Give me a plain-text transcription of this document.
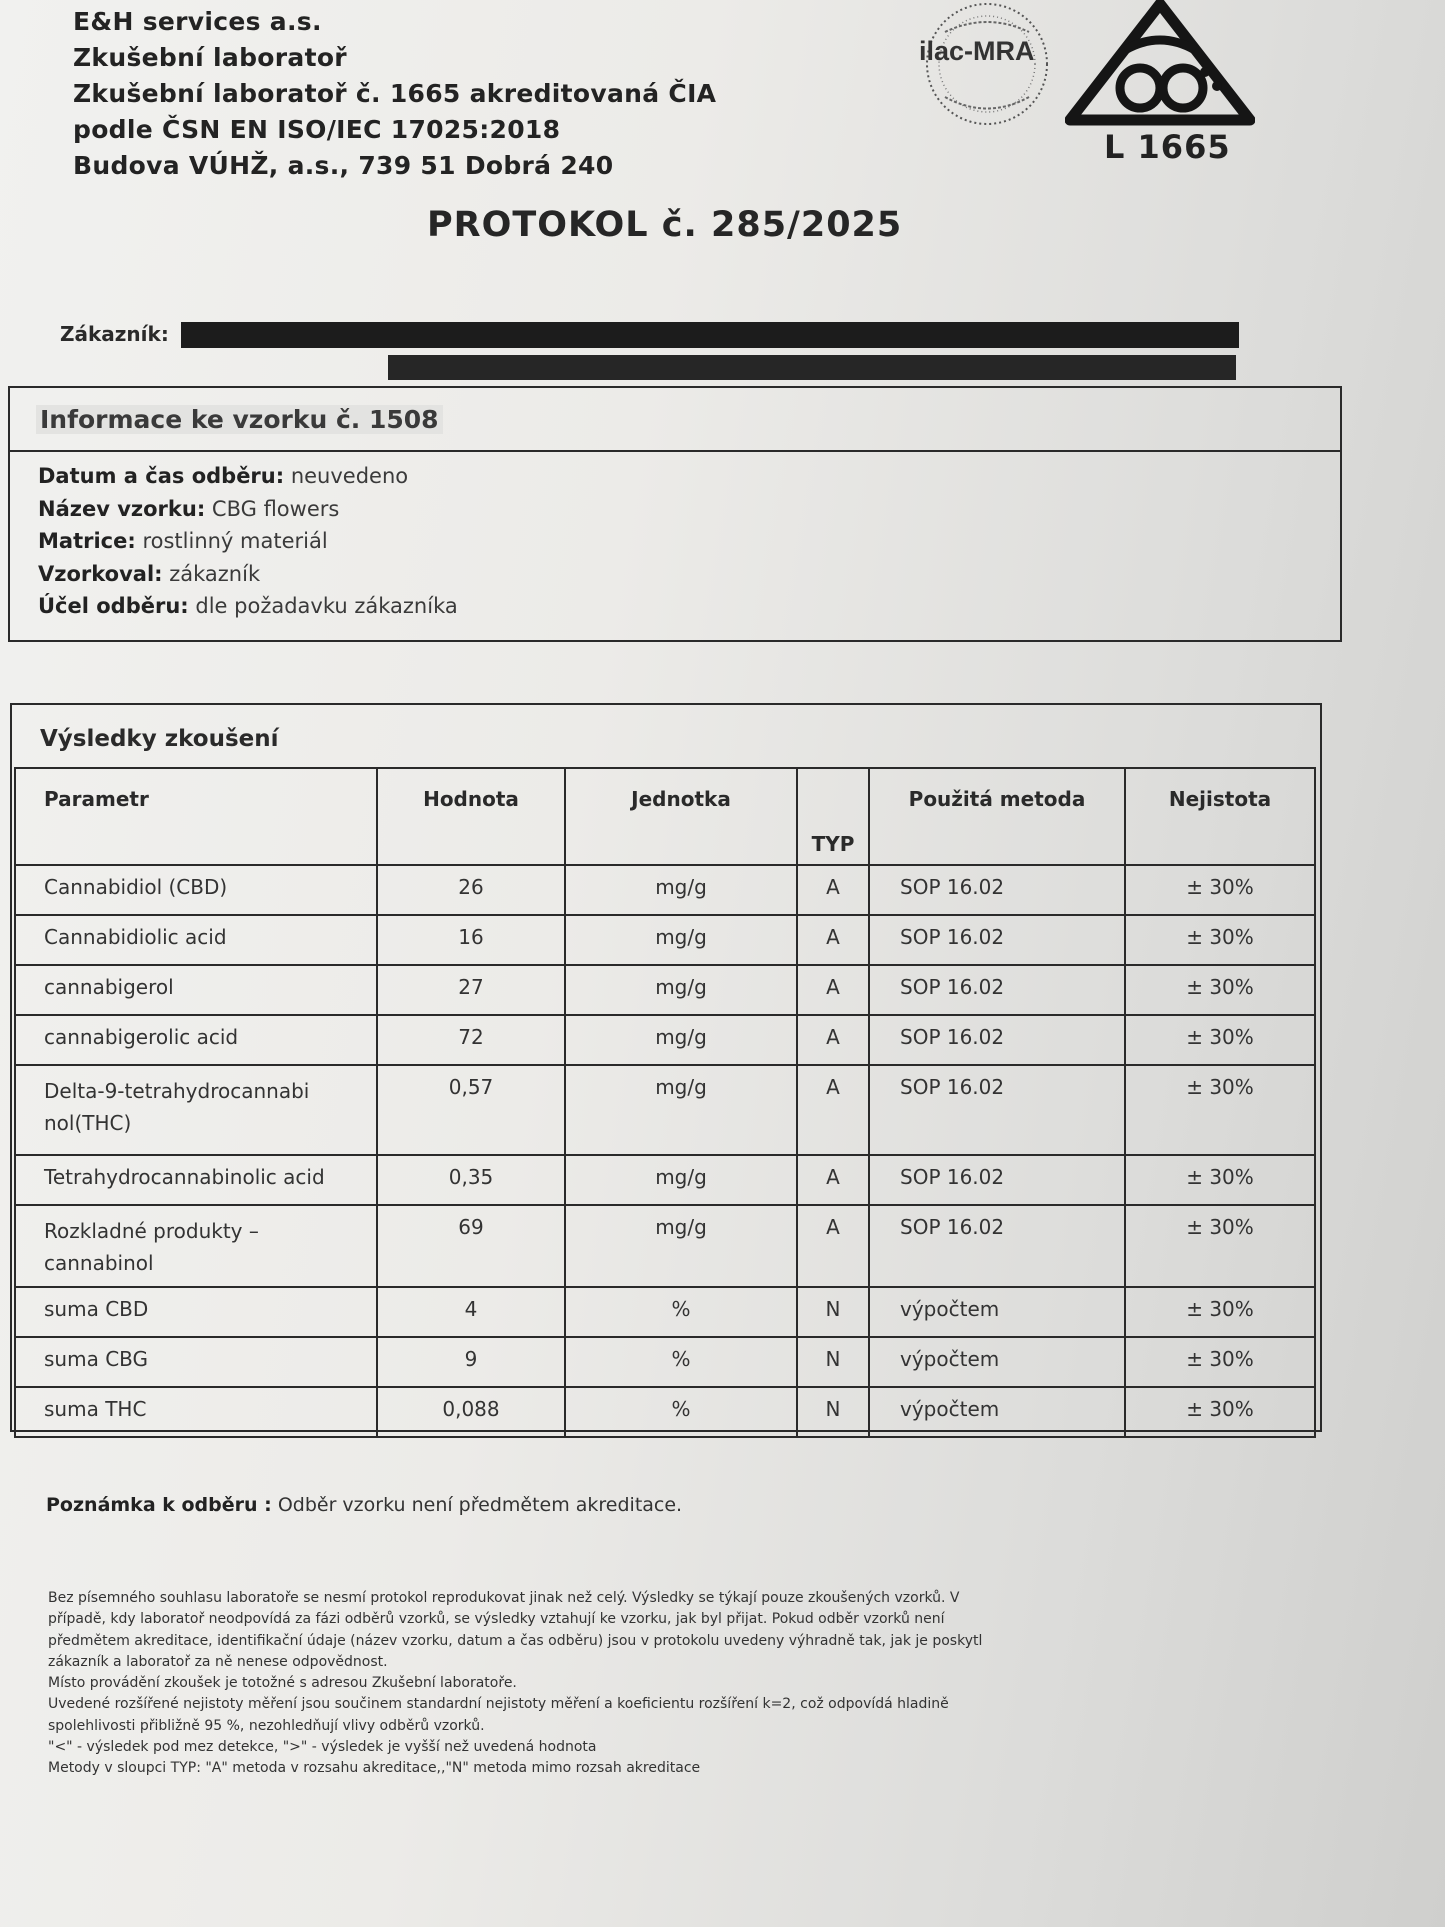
E&H services a.s.
Zkušební laboratoř
Zkušební laboratoř č. 1665 akreditovaná ČIA
podle ČSN EN ISO/IEC 17025:2018
Budova VÚHŽ, a.s., 739 51 Dobrá 240
ilac-MRA
L 1665
PROTOKOL č. 285/2025
Zákazník:
Informace ke vzorku č. 1508
Datum a čas odběru: neuvedeno
Název vzorku: CBG flowers
Matrice: rostlinný materiál
Vzorkoval: zákazník
Účel odběru: dle požadavku zákazníka
Výsledky zkoušení
Parametr	Hodnota	Jednotka	TYP	Použitá metoda	Nejistota
Cannabidiol (CBD)	26	mg/g	A	SOP 16.02	± 30%
Cannabidiolic acid	16	mg/g	A	SOP 16.02	± 30%
cannabigerol	27	mg/g	A	SOP 16.02	± 30%
cannabigerolic acid	72	mg/g	A	SOP 16.02	± 30%

Delta-9-tetrahydrocannabi
nol(THC)	0,57	mg/g	A	SOP 16.02	± 30%
Tetrahydrocannabinolic acid	0,35	mg/g	A	SOP 16.02	± 30%

Rozkladné produkty –
cannabinol	69	mg/g	A	SOP 16.02	± 30%
suma CBD	4	%	N	výpočtem	± 30%
suma CBG	9	%	N	výpočtem	± 30%
suma THC	0,088	%	N	výpočtem	± 30%
Poznámka k odběru : Odběr vzorku není předmětem akreditace.
Bez písemného souhlasu laboratoře se nesmí protokol reprodukovat jinak než celý. Výsledky se týkají pouze zkoušených vzorků. V
případě, kdy laboratoř neodpovídá za fázi odběrů vzorků, se výsledky vztahují ke vzorku, jak byl přijat. Pokud odběr vzorků není
předmětem akreditace, identifikační údaje (název vzorku, datum a čas odběru) jsou v protokolu uvedeny výhradně tak, jak je poskytl
zákazník a laboratoř za ně nenese odpovědnost.
Místo provádění zkoušek je totožné s adresou Zkušební laboratoře.
Uvedené rozšířené nejistoty měření jsou součinem standardní nejistoty měření a koeficientu rozšíření k=2, což odpovídá hladině
spolehlivosti přibližně 95 %, nezohledňují vlivy odběrů vzorků.
"<" - výsledek pod mez detekce, ">" - výsledek je vyšší než uvedená hodnota
Metody v sloupci TYP: "A" metoda v rozsahu akreditace,,"N" metoda mimo rozsah akreditace
